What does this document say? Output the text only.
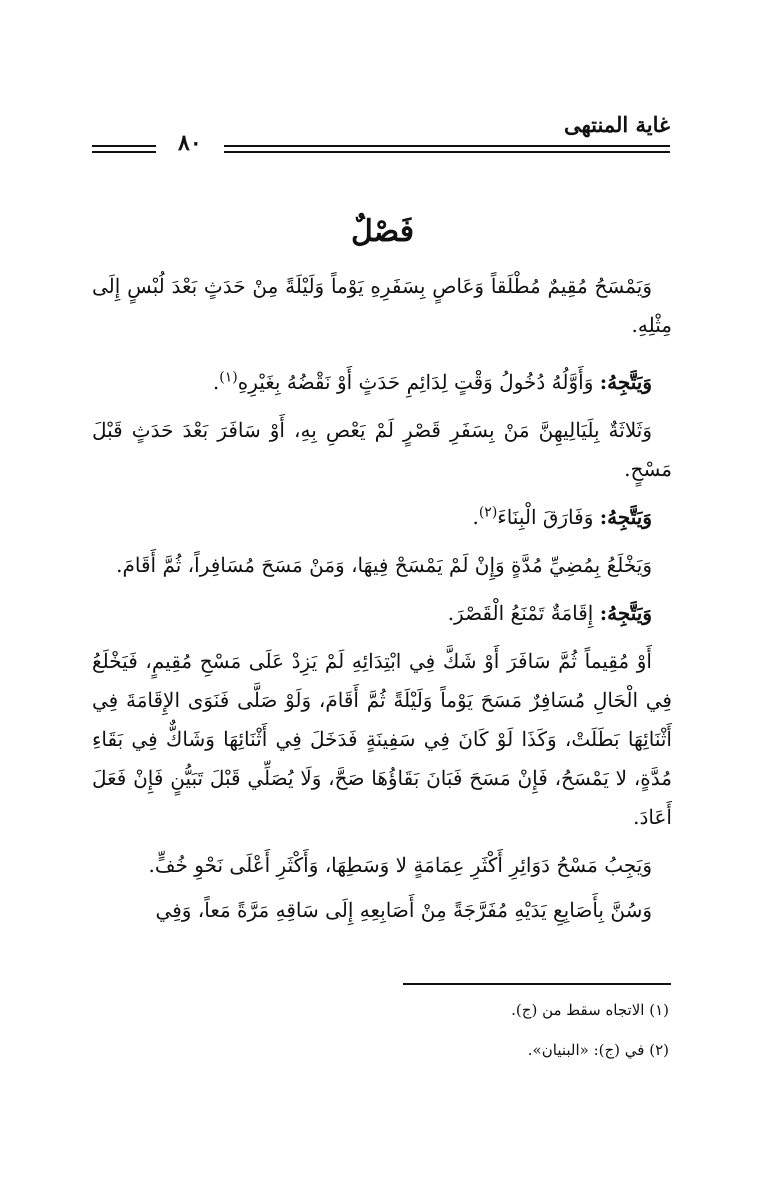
غاية المنتهى
٨٠
فَصْلٌ

وَيَمْسَحُ مُقِيمٌ مُطْلَقاً وَعَاصٍ بِسَفَرِهِ يَوْماً وَلَيْلَةً مِنْ حَدَثٍ بَعْدَ لُبْسٍ إِلَى مِثْلِهِ.

وَيَتَّجِهُ: وَأَوَّلُهُ دُخُولُ وَقْتٍ لِدَائِمِ حَدَثٍ أَوْ نَقْضُهُ بِغَيْرِهِ$^{(١)}$.

وَثَلاثَةٌ بِلَيَالِيهِنَّ مَنْ بِسَفَرِ قَصْرٍ لَمْ يَعْصِ بِهِ، أَوْ سَافَرَ بَعْدَ حَدَثٍ قَبْلَ مَسْحٍ.

وَيَتَّجِهُ: وَفَارَقَ الْبِنَاءَ$^{(٢)}$.

وَيَخْلَعُ بِمُضِيِّ مُدَّةٍ وَإِنْ لَمْ يَمْسَحْ فِيهَا، وَمَنْ مَسَحَ مُسَافِراً، ثُمَّ أَقَامَ.

وَيَتَّجِهُ: إِقَامَةٌ تَمْنَعُ الْقَصْرَ.

أَوْ مُقِيماً ثُمَّ سَافَرَ أَوْ شَكَّ فِي ابْتِدَائِهِ لَمْ يَزِدْ عَلَى مَسْحِ مُقِيمٍ، فَيَخْلَعُ فِي الْحَالِ مُسَافِرٌ مَسَحَ يَوْماً وَلَيْلَةً ثُمَّ أَقَامَ، وَلَوْ صَلَّى فَنَوَى الإِقَامَةَ فِي أَثْنَائِهَا بَطَلَتْ، وَكَذَا لَوْ كَانَ فِي سَفِينَةٍ فَدَخَلَ فِي أَثْنَائِهَا وَشَاكٌّ فِي بَقَاءِ مُدَّةٍ، لا يَمْسَحُ، فَإِنْ مَسَحَ فَبَانَ بَقَاؤُهَا صَحَّ، وَلَا يُصَلِّي قَبْلَ تَبَيُّنٍ فَإِنْ فَعَلَ أَعَادَ.

وَيَجِبُ مَسْحُ دَوَائِرِ أَكْثَرِ عِمَامَةٍ لا وَسَطِهَا، وَأَكْثَرِ أَعْلَى نَحْوِ خُفٍّ.

وَسُنَّ بِأَصَابِعِ يَدَيْهِ مُفَرَّجَةً مِنْ أَصَابِعِهِ إِلَى سَاقِهِ مَرَّةً مَعاً، وَفِي

(١) الاتجاه سقط من (ج).

(٢) في (ج): «البنيان».
